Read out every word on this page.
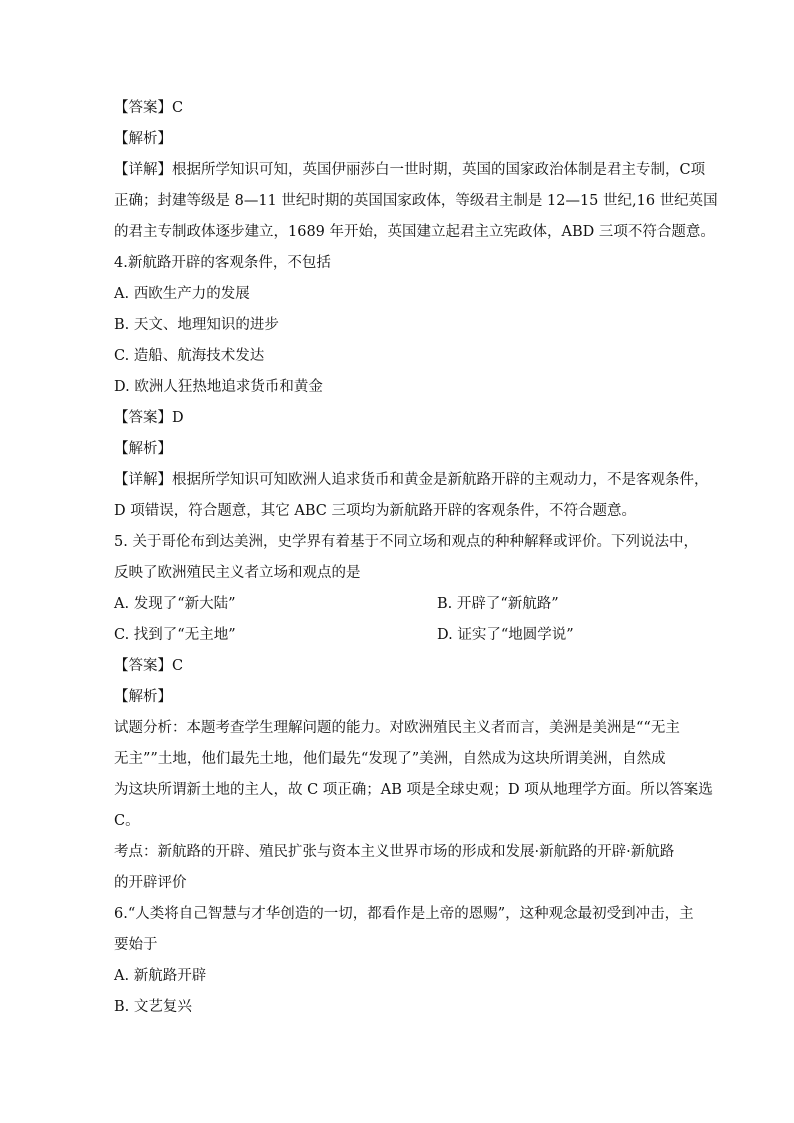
【答案】C
【解析】
【详解】根据所学知识可知，英国伊丽莎白一世时期，英国的国家政治体制是君主专制，C项
正确；封建等级是 8—11 世纪时期的英国国家政体，等级君主制是 12—15 世纪,16 世纪英国
的君主专制政体逐步建立，1689 年开始，英国建立起君主立宪政体，ABD 三项不符合题意。
4.新航路开辟的客观条件，不包括
A. 西欧生产力的发展
B. 天文、地理知识的进步
C. 造船、航海技术发达
D. 欧洲人狂热地追求货币和黄金
【答案】D
【解析】
【详解】根据所学知识可知欧洲人追求货币和黄金是新航路开辟的主观动力，不是客观条件，
D 项错误，符合题意，其它 ABC 三项均为新航路开辟的客观条件，不符合题意。
5. 关于哥伦布到达美洲，史学界有着基于不同立场和观点的种种解释或评价。下列说法中，
反映了欧洲殖民主义者立场和观点的是
A. 发现了“新大陆”	B. 开辟了“新航路”
C. 找到了“无主地”	D. 证实了“地圆学说”
【答案】C
【解析】
试题分析：本题考查学生理解问题的能力。对欧洲殖民主义者而言，美洲是美洲是““无主
无主””土地，他们最先土地，他们最先“发现了”美洲，自然成为这块所谓美洲，自然成
为这块所谓新土地的主人，故 C 项正确；AB 项是全球史观；D 项从地理学方面。所以答案选
C。
考点：新航路的开辟、殖民扩张与资本主义世界市场的形成和发展·新航路的开辟·新航路
的开辟评价
6.“人类将自己智慧与才华创造的一切，都看作是上帝的恩赐”，这种观念最初受到冲击，主
要始于
A. 新航路开辟
B. 文艺复兴
